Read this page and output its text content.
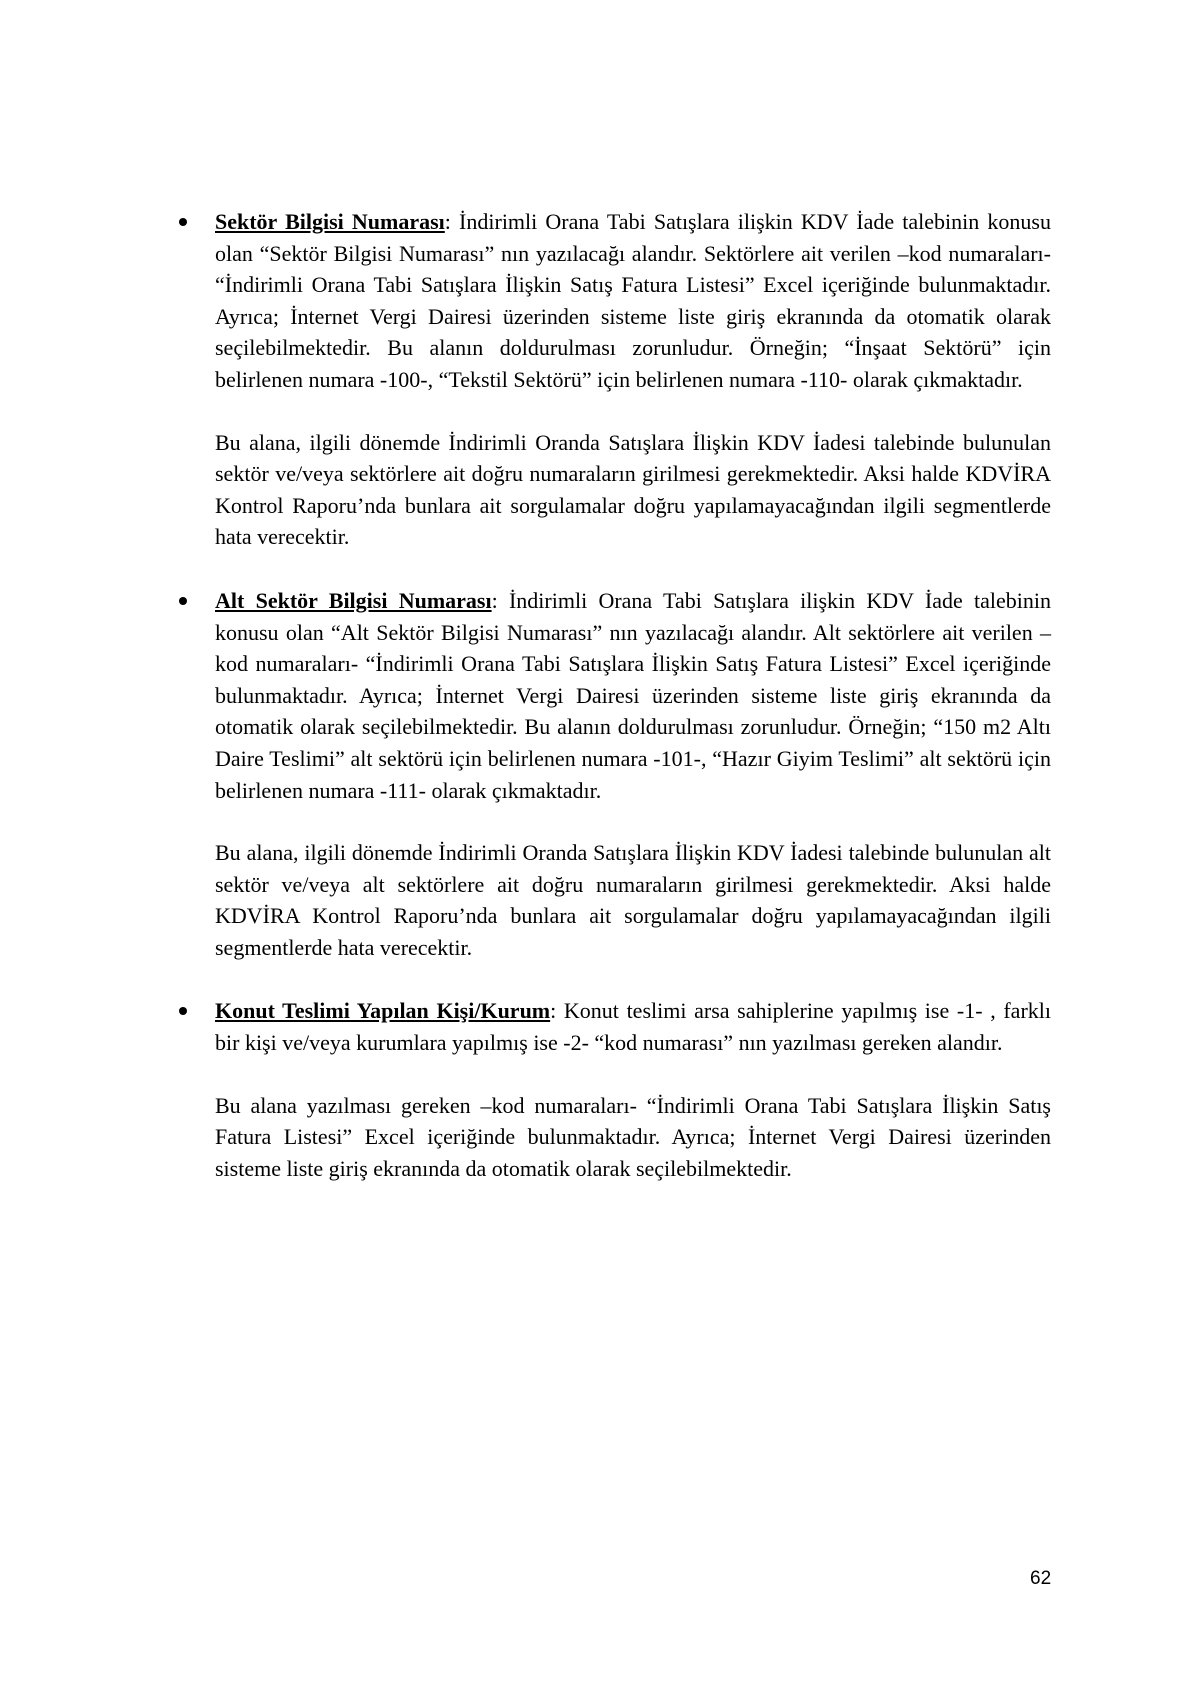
Sektör Bilgisi Numarası: İndirimli Orana Tabi Satışlara ilişkin KDV İade talebinin konusu olan “Sektör Bilgisi Numarası” nın yazılacağı alandır. Sektörlere ait verilen –kod numaraları- “İndirimli Orana Tabi Satışlara İlişkin Satış Fatura Listesi” Excel içeriğinde bulunmaktadır. Ayrıca; İnternet Vergi Dairesi üzerinden sisteme liste giriş ekranında da otomatik olarak seçilebilmektedir. Bu alanın doldurulması zorunludur. Örneğin; “İnşaat Sektörü” için belirlenen numara -100-, “Tekstil Sektörü” için belirlenen numara -110- olarak çıkmaktadır.

Bu alana, ilgili dönemde İndirimli Oranda Satışlara İlişkin KDV İadesi talebinde bulunulan sektör ve/veya sektörlere ait doğru numaraların girilmesi gerekmektedir. Aksi halde KDVİRA Kontrol Raporu’nda bunlara ait sorgulamalar doğru yapılamayacağından ilgili segmentlerde hata verecektir.

Alt Sektör Bilgisi Numarası: İndirimli Orana Tabi Satışlara ilişkin KDV İade talebinin konusu olan “Alt Sektör Bilgisi Numarası” nın yazılacağı alandır. Alt sektörlere ait verilen –kod numaraları- “İndirimli Orana Tabi Satışlara İlişkin Satış Fatura Listesi” Excel içeriğinde bulunmaktadır. Ayrıca; İnternet Vergi Dairesi üzerinden sisteme liste giriş ekranında da otomatik olarak seçilebilmektedir. Bu alanın doldurulması zorunludur. Örneğin; “150 m2 Altı Daire Teslimi” alt sektörü için belirlenen numara -101-, “Hazır Giyim Teslimi” alt sektörü için belirlenen numara -111- olarak çıkmaktadır.

Bu alana, ilgili dönemde İndirimli Oranda Satışlara İlişkin KDV İadesi talebinde bulunulan alt sektör ve/veya alt sektörlere ait doğru numaraların girilmesi gerekmektedir. Aksi halde KDVİRA Kontrol Raporu’nda bunlara ait sorgulamalar doğru yapılamayacağından ilgili segmentlerde hata verecektir.

Konut Teslimi Yapılan Kişi/Kurum: Konut teslimi arsa sahiplerine yapılmış ise -1- , farklı bir kişi ve/veya kurumlara yapılmış ise -2- “kod numarası” nın yazılması gereken alandır.

Bu alana yazılması gereken –kod numaraları- “İndirimli Orana Tabi Satışlara İlişkin Satış Fatura Listesi” Excel içeriğinde bulunmaktadır. Ayrıca; İnternet Vergi Dairesi üzerinden sisteme liste giriş ekranında da otomatik olarak seçilebilmektedir.

62
